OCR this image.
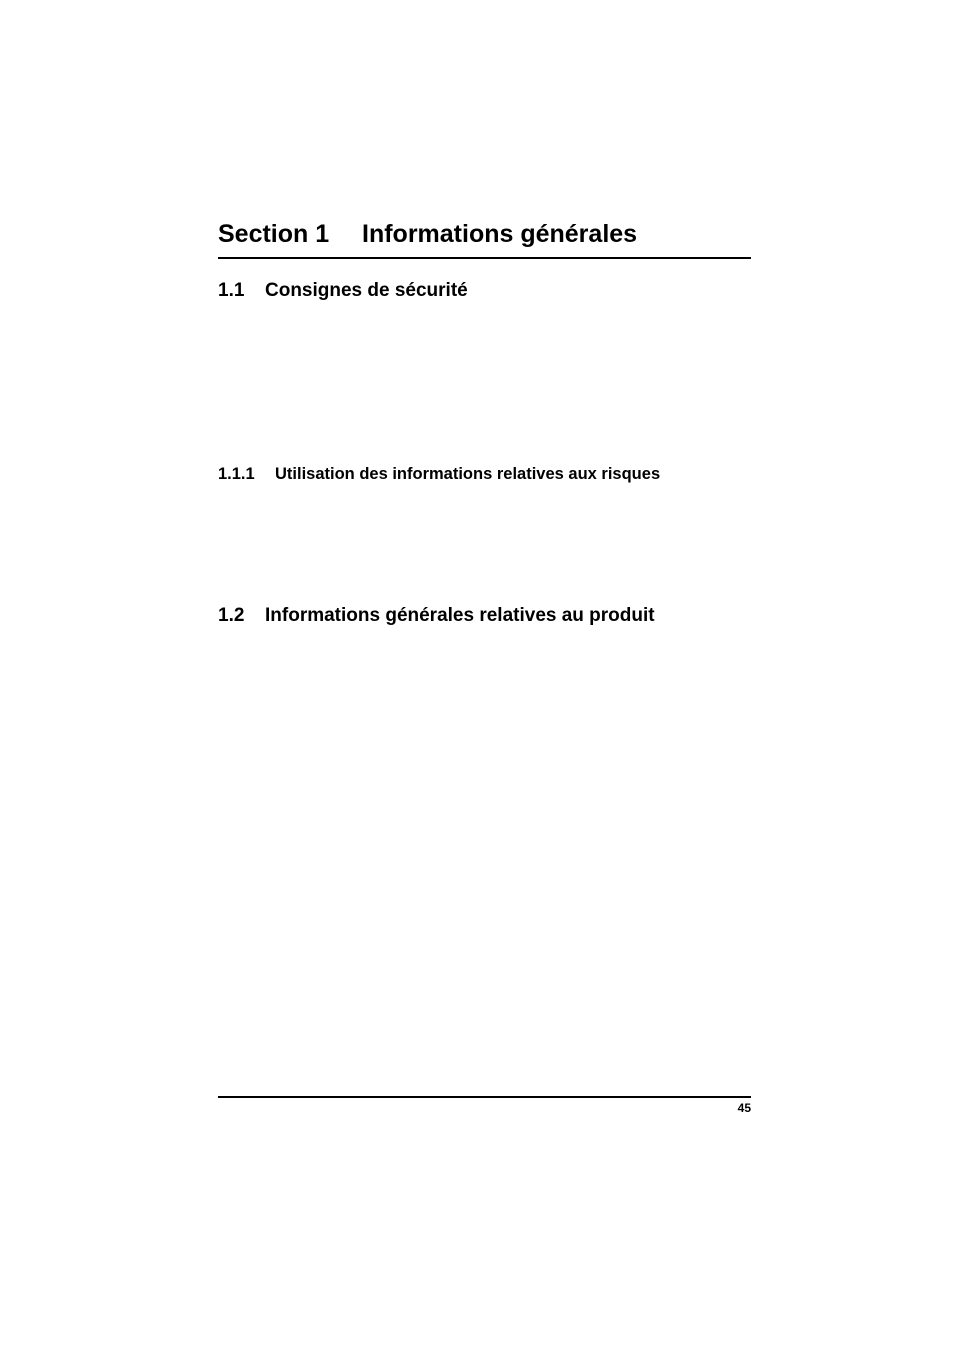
Section 1 Informations générales
1.1 Consignes de sécurité
1.1.1 Utilisation des informations relatives aux risques
1.2 Informations générales relatives au produit
45
